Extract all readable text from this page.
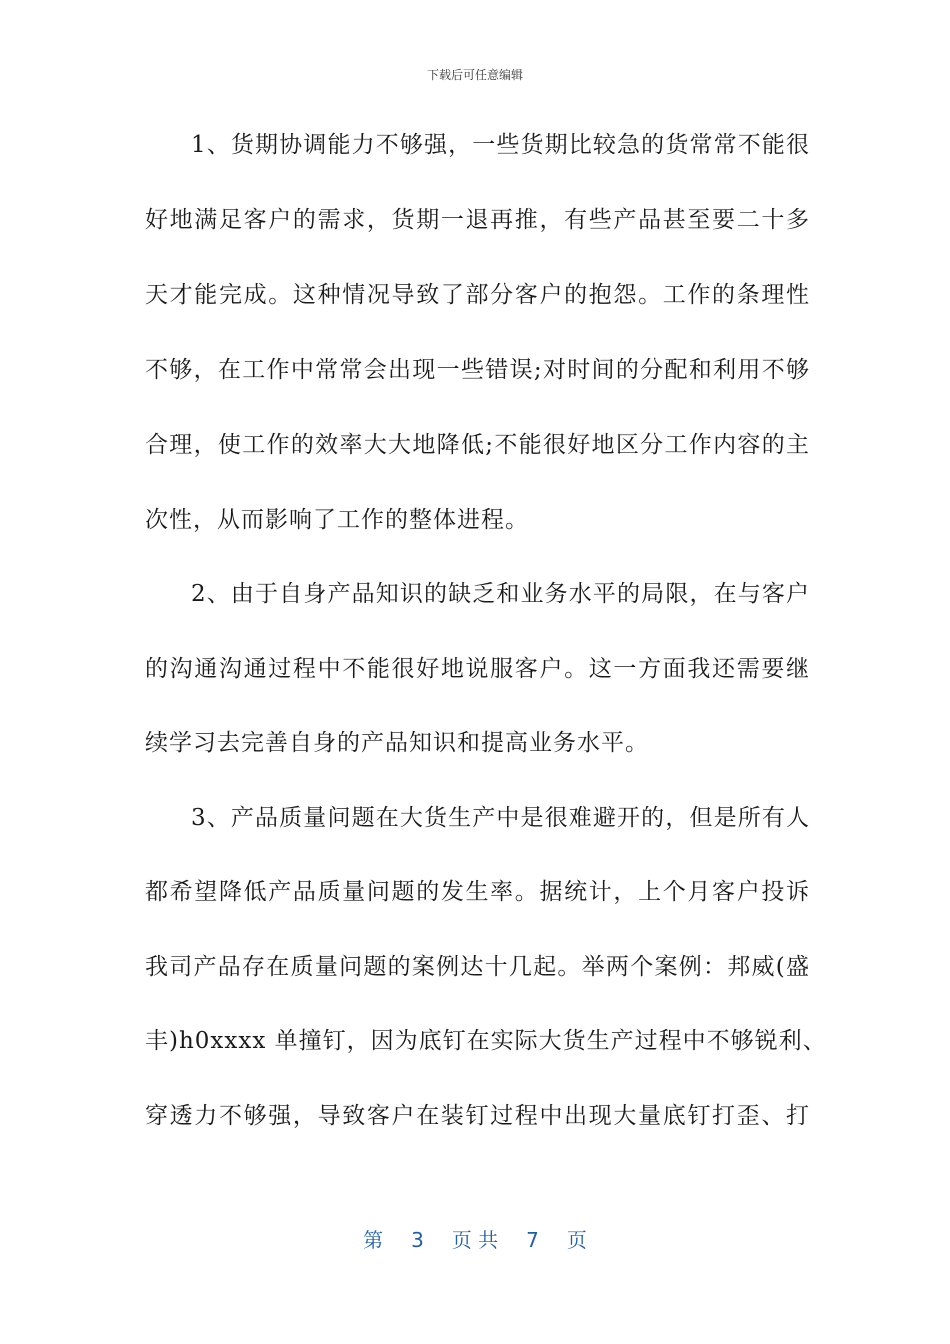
下载后可任意编辑
1、货期协调能力不够强，一些货期比较急的货常常不能很
好地满足客户的需求，货期一退再推，有些产品甚至要二十多
天才能完成。这种情况导致了部分客户的抱怨。工作的条理性
不够，在工作中常常会出现一些错误;对时间的分配和利用不够
合理，使工作的效率大大地降低;不能很好地区分工作内容的主
次性，从而影响了工作的整体进程。
2、由于自身产品知识的缺乏和业务水平的局限，在与客户
的沟通沟通过程中不能很好地说服客户。这一方面我还需要继
续学习去完善自身的产品知识和提高业务水平。
3、产品质量问题在大货生产中是很难避开的，但是所有人
都希望降低产品质量问题的发生率。据统计，上个月客户投诉
我司产品存在质量问题的案例达十几起。举两个案例：邦威(盛
丰)h0xxxx 单撞钉，因为底钉在实际大货生产过程中不够锐利、
穿透力不够强，导致客户在装钉过程中出现大量底钉打歪、打
第 3 页 共 7 页
